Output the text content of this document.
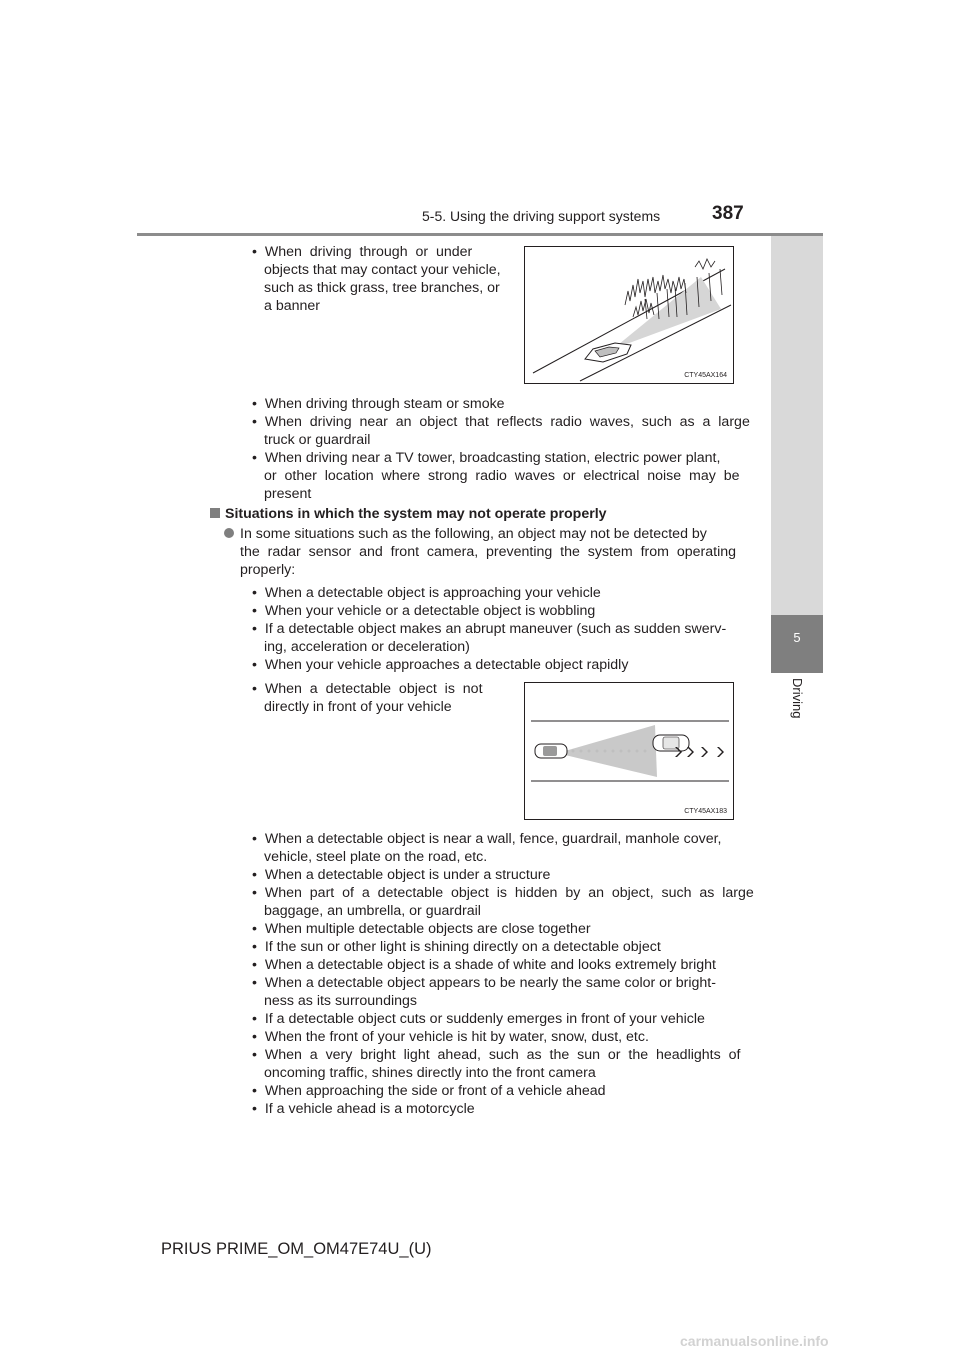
5-5. Using the driving support systems	387
5
Driving
•  When  driving  through  or  under
objects that may contact your vehicle,
such as thick grass, tree branches, or
a banner
•  When driving through steam or smoke
•  When  driving  near  an  object  that  reflects  radio  waves,  such  as  a  large
truck or guardrail
•  When driving near a TV tower, broadcasting station, electric power plant,
or  other  location  where  strong  radio  waves  or  electrical  noise  may  be
present
Situations in which the system may not operate properly
In some situations such as the following, an object may not be detected by
the  radar  sensor  and  front  camera,  preventing  the  system  from  operating
properly:
•  When a detectable object is approaching your vehicle
•  When your vehicle or a detectable object is wobbling
•  If a detectable object makes an abrupt maneuver (such as sudden swerv-
ing, acceleration or deceleration)
•  When your vehicle approaches a detectable object rapidly
•  When  a  detectable  object  is  not
directly in front of your vehicle
•  When a detectable object is near a wall, fence, guardrail, manhole cover,
vehicle, steel plate on the road, etc.
•  When a detectable object is under a structure
•  When  part  of  a  detectable  object  is  hidden  by  an  object,  such  as  large
baggage, an umbrella, or guardrail
•  When multiple detectable objects are close together
•  If the sun or other light is shining directly on a detectable object
•  When a detectable object is a shade of white and looks extremely bright
•  When a detectable object appears to be nearly the same color or bright-
ness as its surroundings
•  If a detectable object cuts or suddenly emerges in front of your vehicle
•  When the front of your vehicle is hit by water, snow, dust, etc.
•  When  a  very  bright  light  ahead,  such  as  the  sun  or  the  headlights  of
oncoming traffic, shines directly into the front camera
•  When approaching the side or front of a vehicle ahead
•  If a vehicle ahead is a motorcycle
CTY45AX164
CTY45AX183
PRIUS PRIME_OM_OM47E74U_(U)
carmanualsonline.info
